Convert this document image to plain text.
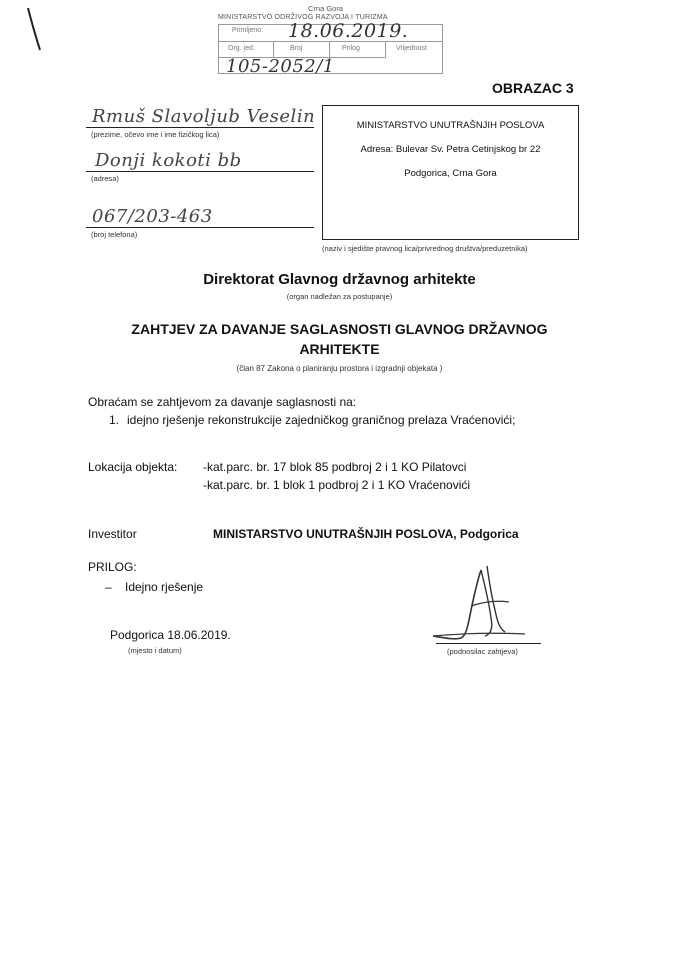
Crna Gora
MINISTARSTVO ODRŽIVOG RAZVOJA I TURIZMA
Primljeno: 18.06.2019.
Org. jed.	Broj	Prilog	Vrijednost
105-2052/1
OBRAZAC 3
Rmuš Slavoljub Veselin
(prezime, očevo ime i ime fizičkog lica)
Donji kokoti bb
(adresa)
067/203-463
(broj telefona)
MINISTARSTVO UNUTRAŠNJIH POSLOVA
Adresa: Bulevar Sv. Petra Cetinjskog br 22
Podgorica, Crna Gora
(naziv i sjedište pravnog lica/privrednog društva/preduzetnika)
Direktorat Glavnog državnog arhitekte
(organ nadležan za postupanje)
ZAHTJEV ZA DAVANJE SAGLASNOSTI GLAVNOG DRŽAVNOG
ARHITEKTE
(član 87 Zakona o planiranju prostora i izgradnji objekata )
Obraćam se zahtjevom za davanje saglasnosti na:
1. idejno rješenje rekonstrukcije zajedničkog graničnog prelaza Vraćenovići;
Lokacija objekta: -kat.parc. br. 17 blok 85 podbroj 2 i 1 KO Pilatovci
-kat.parc. br. 1 blok 1 podbroj 2 i 1 KO Vraćenovići
Investitor	MINISTARSTVO UNUTRAŠNJIH POSLOVA, Podgorica
PRILOG:
– Idejno rješenje
Podgorica 18.06.2019.
(mjesto i datum)	(podnosilac zahtjeva)
